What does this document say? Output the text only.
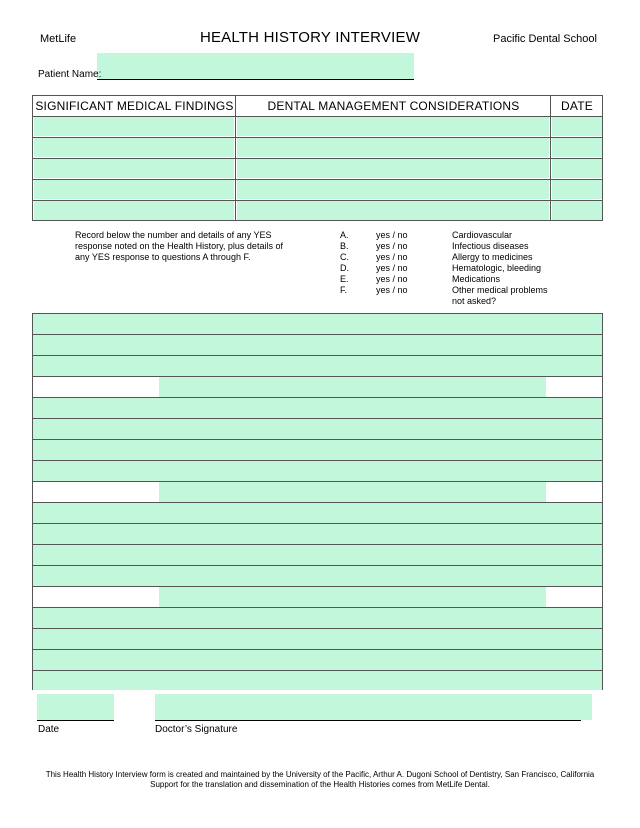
MetLife	HEALTH HISTORY INTERVIEW	Pacific Dental School
Patient Name:
SIGNIFICANT MEDICAL FINDINGS	DENTAL MANAGEMENT CONSIDERATIONS	DATE
Record below the number and details of any YES response noted on the Health History, plus details of any YES response to questions A through F.
A.	yes / no	Cardiovascular
B.	yes / no	Infectious diseases
C.	yes / no	Allergy to medicines
D.	yes / no	Hematologic, bleeding
E.	yes / no	Medications
F.	yes / no	Other medical problems not asked?
Date	Doctor’s Signature
This Health History Interview form is created and maintained by the University of the Pacific, Arthur A. Dugoni School of Dentistry, San Francisco, California
Support for the translation and dissemination of the Health Histories comes from MetLife Dental.
